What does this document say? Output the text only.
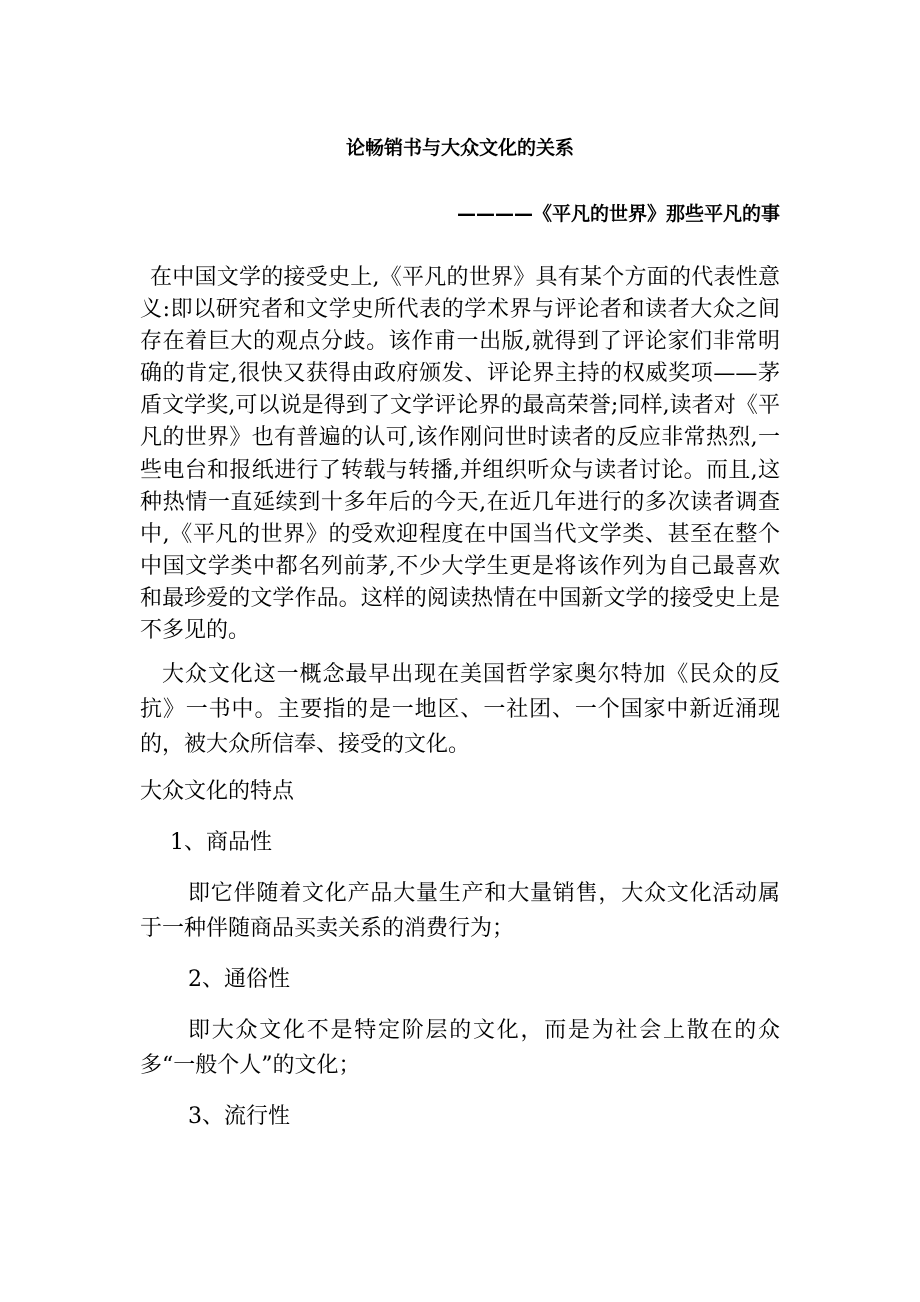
论畅销书与大众文化的关系
————《平凡的世界》那些平凡的事

在中国文学的接受史上,《平凡的世界》具有某个方面的代表性意义:即以研究者和文学史所代表的学术界与评论者和读者大众之间存在着巨大的观点分歧。该作甫一出版,就得到了评论家们非常明确的肯定,很快又获得由政府颁发、评论界主持的权威奖项——茅盾文学奖,可以说是得到了文学评论界的最高荣誉;同样,读者对《平凡的世界》也有普遍的认可,该作刚问世时读者的反应非常热烈,一些电台和报纸进行了转载与转播,并组织听众与读者讨论。而且,这种热情一直延续到十多年后的今天,在近几年进行的多次读者调查中,《平凡的世界》的受欢迎程度在中国当代文学类、甚至在整个中国文学类中都名列前茅,不少大学生更是将该作列为自己最喜欢和最珍爱的文学作品。这样的阅读热情在中国新文学的接受史上是不多见的。

大众文化这一概念最早出现在美国哲学家奥尔特加《民众的反抗》一书中。主要指的是一地区、一社团、一个国家中新近涌现的，被大众所信奉、接受的文化。

大众文化的特点

1、商品性

即它伴随着文化产品大量生产和大量销售，大众文化活动属于一种伴随商品买卖关系的消费行为；

2、通俗性

即大众文化不是特定阶层的文化，而是为社会上散在的众多“一般个人”的文化；

3、流行性
